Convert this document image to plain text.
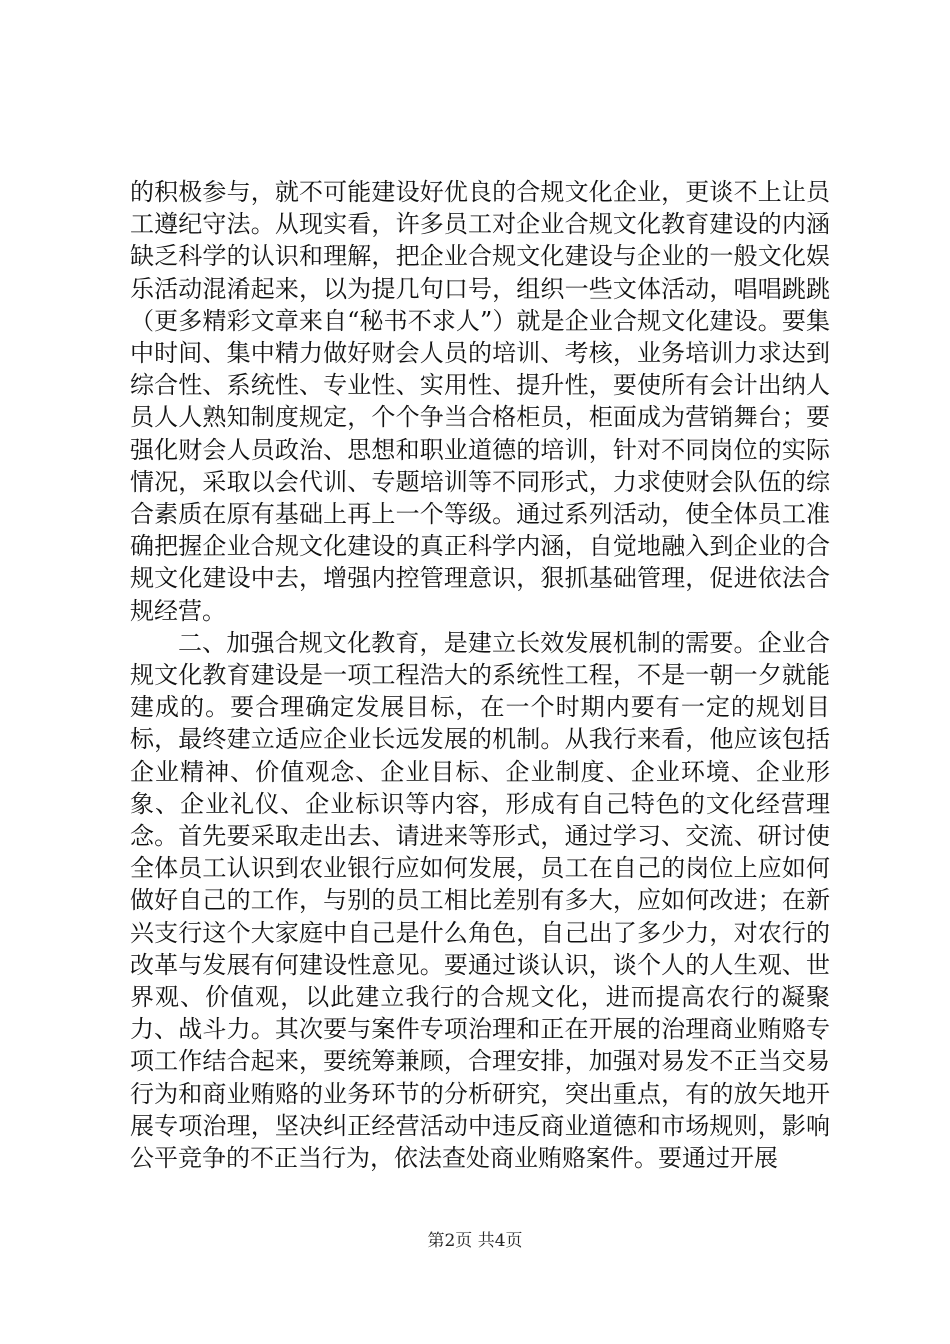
的积极参与，就不可能建设好优良的合规文化企业，更谈不上让员工遵纪守法。从现实看，许多员工对企业合规文化教育建设的内涵缺乏科学的认识和理解，把企业合规文化建设与企业的一般文化娱乐活动混淆起来，以为提几句口号，组织一些文体活动，唱唱跳跳（更多精彩文章来自“秘书不求人”）就是企业合规文化建设。要集中时间、集中精力做好财会人员的培训、考核，业务培训力求达到综合性、系统性、专业性、实用性、提升性，要使所有会计出纳人员人人熟知制度规定，个个争当合格柜员，柜面成为营销舞台；要强化财会人员政治、思想和职业道德的培训，针对不同岗位的实际情况，采取以会代训、专题培训等不同形式，力求使财会队伍的综合素质在原有基础上再上一个等级。通过系列活动，使全体员工准确把握企业合规文化建设的真正科学内涵，自觉地融入到企业的合规文化建设中去，增强内控管理意识，狠抓基础管理，促进依法合规经营。

二、加强合规文化教育，是建立长效发展机制的需要。企业合规文化教育建设是一项工程浩大的系统性工程，不是一朝一夕就能建成的。要合理确定发展目标，在一个时期内要有一定的规划目标，最终建立适应企业长远发展的机制。从我行来看，他应该包括企业精神、价值观念、企业目标、企业制度、企业环境、企业形象、企业礼仪、企业标识等内容，形成有自己特色的文化经营理念。首先要采取走出去、请进来等形式，通过学习、交流、研讨使全体员工认识到农业银行应如何发展，员工在自己的岗位上应如何做好自己的工作，与别的员工相比差别有多大，应如何改进；在新兴支行这个大家庭中自己是什么角色，自己出了多少力，对农行的改革与发展有何建设性意见。要通过谈认识，谈个人的人生观、世界观、价值观，以此建立我行的合规文化，进而提高农行的凝聚力、战斗力。其次要与案件专项治理和正在开展的治理商业贿赂专项工作结合起来，要统筹兼顾，合理安排，加强对易发不正当交易行为和商业贿赂的业务环节的分析研究，突出重点，有的放矢地开展专项治理，坚决纠正经营活动中违反商业道德和市场规则，影响公平竞争的不正当行为，依法查处商业贿赂案件。要通过开展

第2页 共4页
